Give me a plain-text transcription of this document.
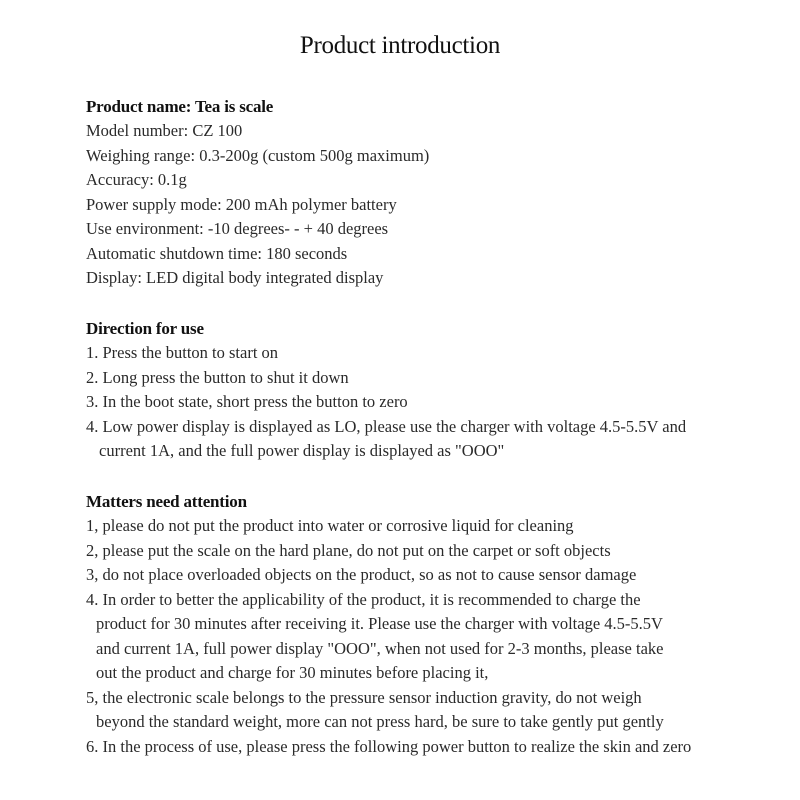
Product introduction
Product name: Tea is scale
Model number: CZ 100
Weighing range: 0.3-200g (custom 500g maximum)
Accuracy: 0.1g
Power supply mode: 200 mAh polymer battery
Use environment: -10 degrees- - + 40 degrees
Automatic shutdown time: 180 seconds
Display: LED digital body integrated display
Direction for use
1. Press the button to start on
2. Long press the button to shut it down
3. In the boot state, short press the button to zero
4. Low power display is displayed as LO, please use the charger with voltage 4.5-5.5V and
current 1A, and the full power display is displayed as "OOO"
Matters need attention
1, please do not put the product into water or corrosive liquid for cleaning
2, please put the scale on the hard plane, do not put on the carpet or soft objects
3, do not place overloaded objects on the product, so as not to cause sensor damage
4. In order to better the applicability of the product, it is recommended to charge the
product for 30 minutes after receiving it. Please use the charger with voltage 4.5-5.5V
and current 1A, full power display "OOO", when not used for 2-3 months, please take
out the product and charge for 30 minutes before placing it,
5, the electronic scale belongs to the pressure sensor induction gravity, do not weigh
beyond the standard weight, more can not press hard, be sure to take gently put gently
6. In the process of use, please press the following power button to realize the skin and zero
